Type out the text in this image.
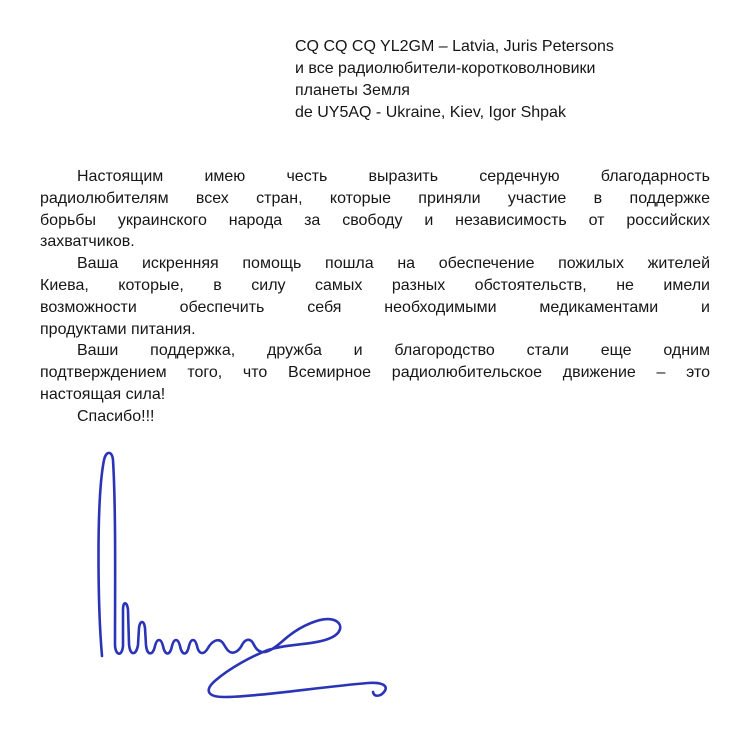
CQ CQ CQ YL2GM – Latvia, Juris Petersons
и все радиолюбители-коротковолновики
планеты Земля
de UY5AQ - Ukraine, Kiev, Igor Shpak
Настоящим имею честь выразить сердечную благодарность
радиолюбителям всех стран, которые приняли участие в поддержке
борьбы украинского народа за свободу и независимость от российских
захватчиков.
Ваша искренняя помощь пошла на обеспечение пожилых жителей
Киева, которые, в силу самых разных обстоятельств, не имели
возможности обеспечить себя необходимыми медикаментами и
продуктами питания.
Ваши поддержка, дружба и благородство стали еще одним
подтверждением того, что Всемирное радиолюбительское движение – это
настоящая сила!
Спасибо!!!
